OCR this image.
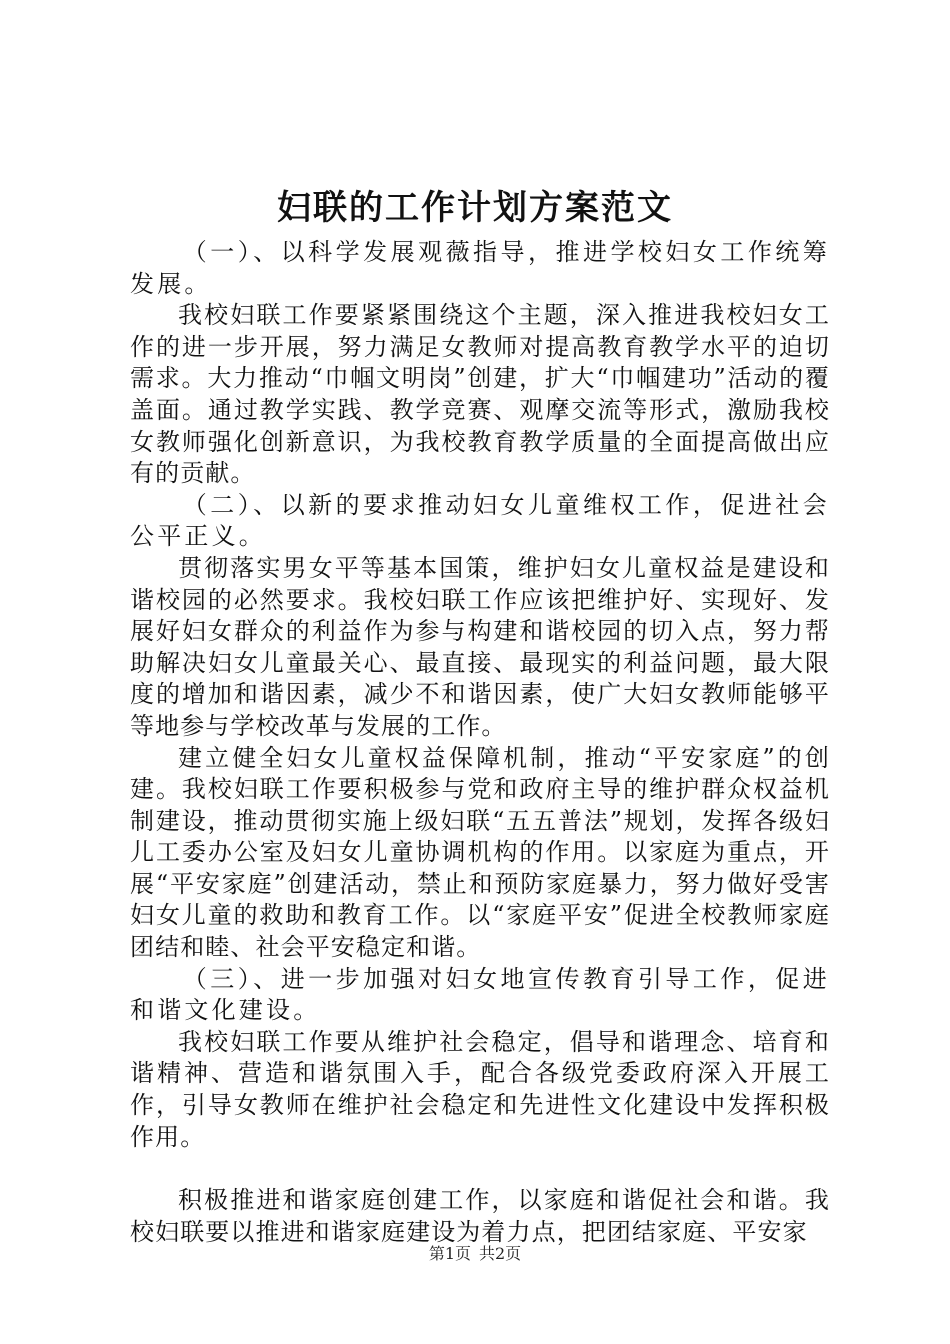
妇联的工作计划方案范文

（一）、以科学发展观薇指导，推进学校妇女工作统筹发展。

我校妇联工作要紧紧围绕这个主题，深入推进我校妇女工作的进一步开展，努力满足女教师对提高教育教学水平的迫切需求。大力推动“巾帼文明岗”创建，扩大“巾帼建功”活动的覆盖面。通过教学实践、教学竞赛、观摩交流等形式，激励我校女教师强化创新意识，为我校教育教学质量的全面提高做出应有的贡献。

（二）、以新的要求推动妇女儿童维权工作，促进社会公平正义。

贯彻落实男女平等基本国策，维护妇女儿童权益是建设和谐校园的必然要求。我校妇联工作应该把维护好、实现好、发展好妇女群众的利益作为参与构建和谐校园的切入点，努力帮助解决妇女儿童最关心、最直接、最现实的利益问题，最大限度的增加和谐因素，减少不和谐因素，使广大妇女教师能够平等地参与学校改革与发展的工作。

建立健全妇女儿童权益保障机制，推动“平安家庭”的创建。我校妇联工作要积极参与党和政府主导的维护群众权益机制建设，推动贯彻实施上级妇联“五五普法”规划，发挥各级妇儿工委办公室及妇女儿童协调机构的作用。以家庭为重点，开展“平安家庭”创建活动，禁止和预防家庭暴力，努力做好受害妇女儿童的救助和教育工作。以“家庭平安”促进全校教师家庭团结和睦、社会平安稳定和谐。

（三）、进一步加强对妇女地宣传教育引导工作，促进和谐文化建设。

我校妇联工作要从维护社会稳定，倡导和谐理念、培育和谐精神、营造和谐氛围入手，配合各级党委政府深入开展工作，引导女教师在维护社会稳定和先进性文化建设中发挥积极作用。

积极推进和谐家庭创建工作，以家庭和谐促社会和谐。我校妇联要以推进和谐家庭建设为着力点，把团结家庭、平安家

第1页 共2页
